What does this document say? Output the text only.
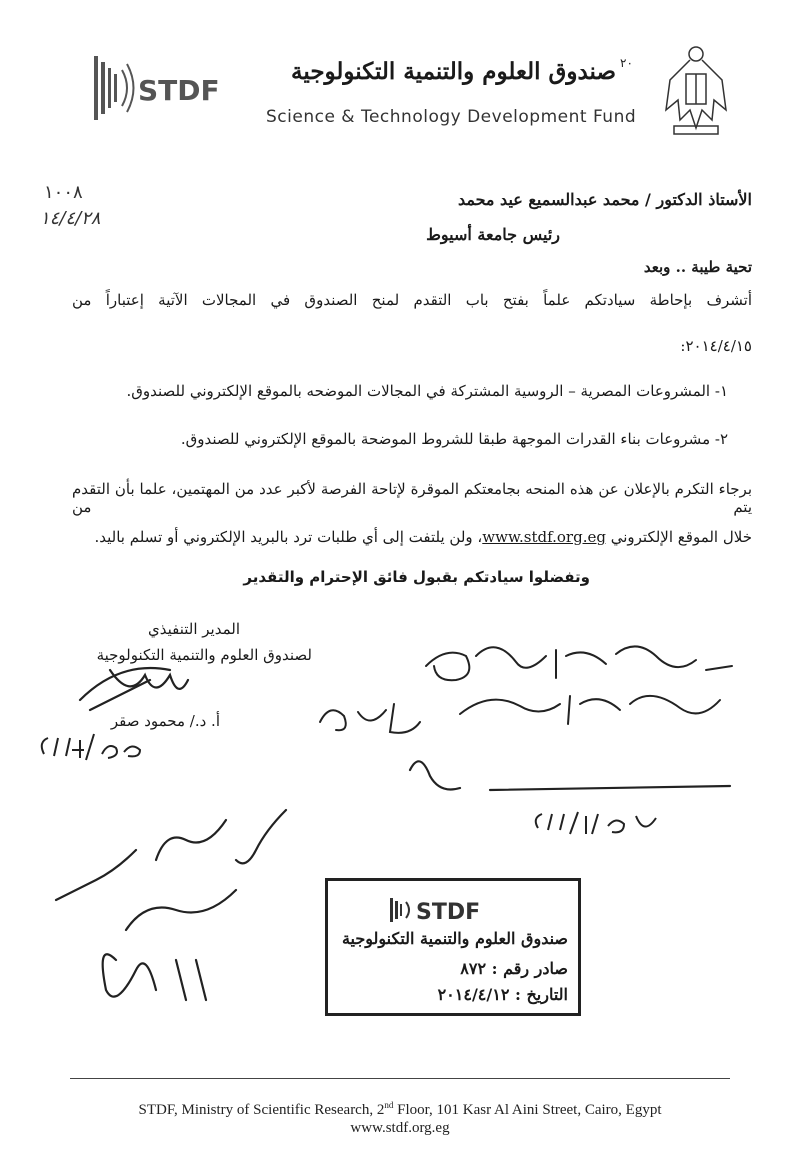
STDF
صندوق العلوم والتنمية التكنولوجية ٢٠
Science & Technology Development Fund
١٠٠٨
١٤/٤/٢٨
الأستاذ الدكتور / محمد عبدالسميع عيد محمد
رئيس جامعة أسيوط
تحية طيبة .. وبعد
أتشرف بإحاطة سيادتكم علماً بفتح باب التقدم لمنح الصندوق في المجالات الآتية إعتباراً من
٢٠١٤/٤/١٥:
١- المشروعات المصرية – الروسية المشتركة في المجالات الموضحه بالموقع الإلكتروني للصندوق.
٢- مشروعات بناء القدرات الموجهة طبقا للشروط الموضحة بالموقع الإلكتروني للصندوق.
برجاء التكرم بالإعلان عن هذه المنحه بجامعتكم الموقرة لإتاحة الفرصة لأكبر عدد من المهتمين، علما بأن التقدم يتم من
خلال الموقع الإلكتروني www.stdf.org.eg، ولن يلتفت إلى أي طلبات ترد بالبريد الإلكتروني أو تسلم باليد.
وتفضلوا سيادتكم بقبول فائق الإحترام والتقدير
المدير التنفيذي
لصندوق العلوم والتنمية التكنولوجية
أ. د./ محمود صقر
STDF
صندوق العلوم والتنمية التكنولوجية
صادر رقم : ٨٧٢
التاريخ : ٢٠١٤/٤/١٢
STDF, Ministry of Scientific Research, 2nd Floor, 101 Kasr Al Aini Street, Cairo, Egypt
www.stdf.org.eg
